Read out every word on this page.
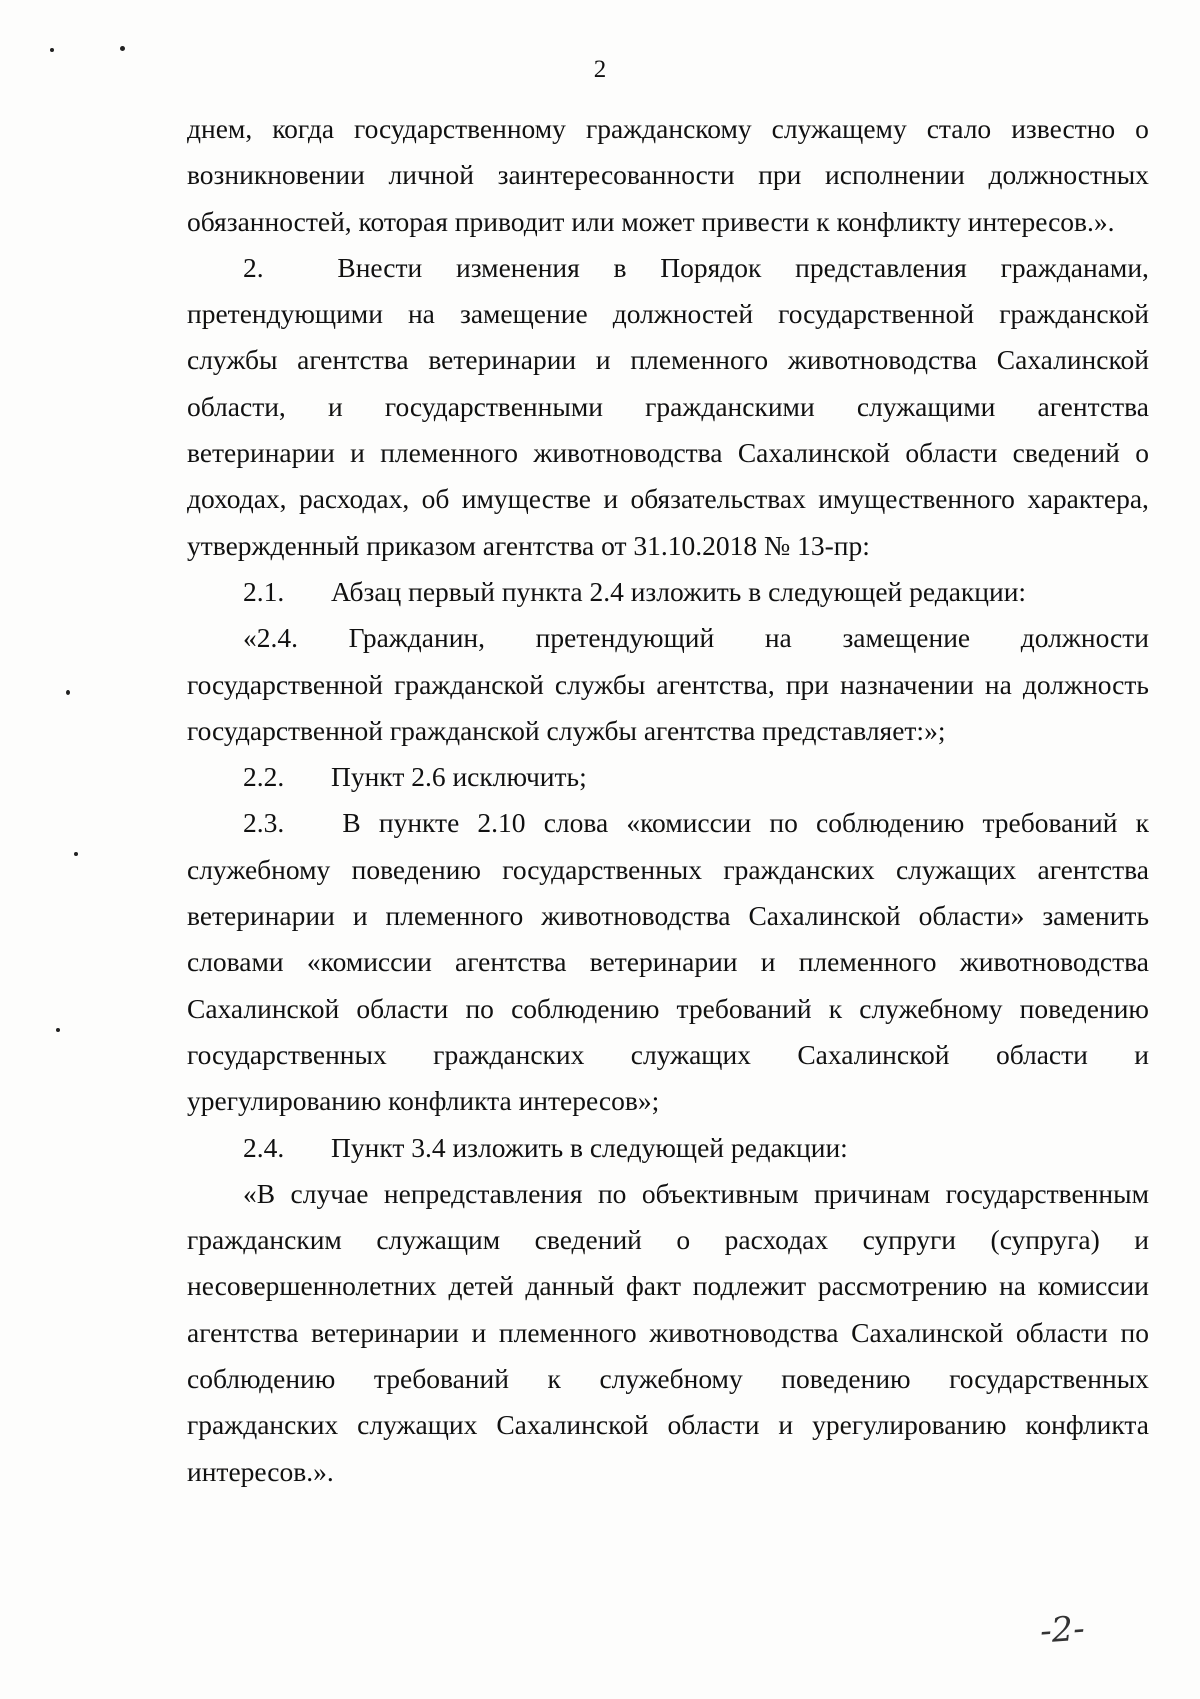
2
днем, когда государственному гражданскому служащему стало известно о
возникновении личной заинтересованности при исполнении должностных
обязанностей, которая приводит или может привести к конфликту интересов.».
2.	Внести изменения в Порядок представления гражданами,
претендующими на замещение должностей государственной гражданской
службы агентства ветеринарии и племенного животноводства Сахалинской
области, и государственными гражданскими служащими агентства
ветеринарии и племенного животноводства Сахалинской области сведений о
доходах, расходах, об имуществе и обязательствах имущественного характера,
утвержденный приказом агентства от 31.10.2018 № 13-пр:
2.1. Абзац первый пункта 2.4 изложить в следующей редакции:
«2.4. Гражданин, претендующий на замещение должности
государственной гражданской службы агентства, при назначении на должность
государственной гражданской службы агентства представляет:»;
2.2. Пункт 2.6 исключить;
2.3. В пункте 2.10 слова «комиссии по соблюдению требований к
служебному поведению государственных гражданских служащих агентства
ветеринарии и племенного животноводства Сахалинской области» заменить
словами «комиссии агентства ветеринарии и племенного животноводства
Сахалинской области по соблюдению требований к служебному поведению
государственных гражданских служащих Сахалинской области и
урегулированию конфликта интересов»;
2.4. Пункт 3.4 изложить в следующей редакции:
«В случае непредставления по объективным причинам государственным
гражданским служащим сведений о расходах супруги (супруга) и
несовершеннолетних детей данный факт подлежит рассмотрению на комиссии
агентства ветеринарии и племенного животноводства Сахалинской области по
соблюдению требований к служебному поведению государственных
гражданских служащих Сахалинской области и урегулированию конфликта
интересов.».
-2-
